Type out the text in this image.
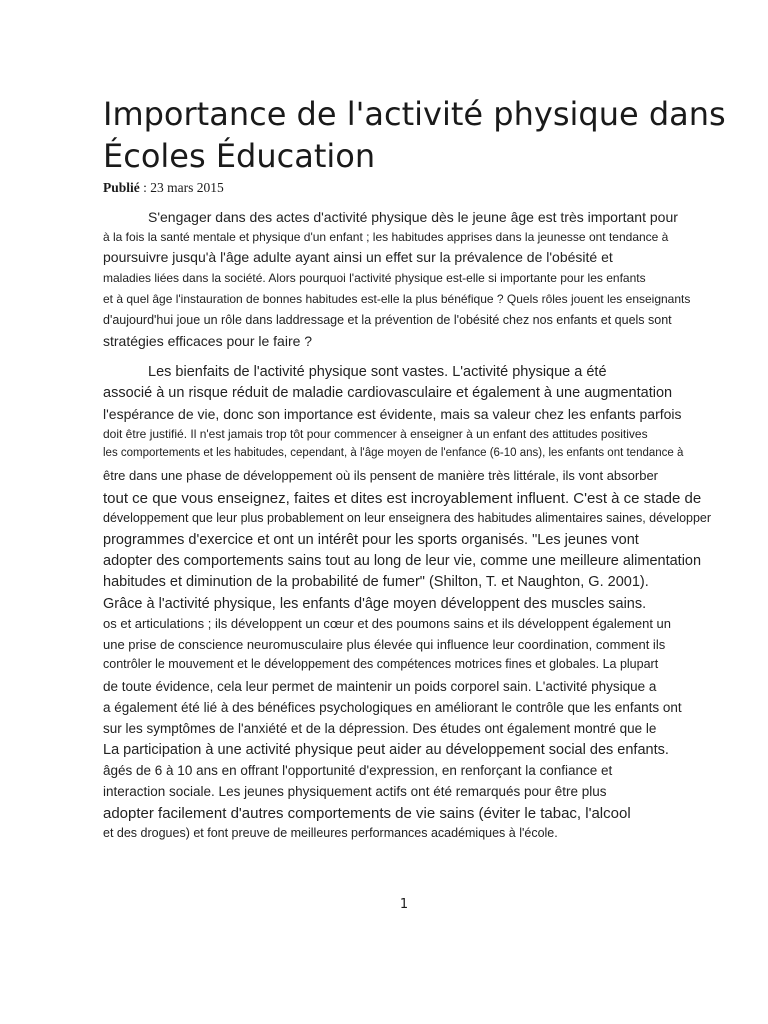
Importance de l'activité physique dans
Écoles Éducation
Publié : 23 mars 2015
S'engager dans des actes d'activité physique dès le jeune âge est très important pour
à la fois la santé mentale et physique d'un enfant ; les habitudes apprises dans la jeunesse ont tendance à
poursuivre jusqu'à l'âge adulte ayant ainsi un effet sur la prévalence de l'obésité et
maladies liées dans la société. Alors pourquoi l'activité physique est-elle si importante pour les enfants
et à quel âge l'instauration de bonnes habitudes est-elle la plus bénéfique ? Quels rôles jouent les enseignants
d'aujourd'hui joue un rôle dans laddressage et la prévention de l'obésité chez nos enfants et quels sont
stratégies efficaces pour le faire ?
Les bienfaits de l'activité physique sont vastes. L'activité physique a été
associé à un risque réduit de maladie cardiovasculaire et également à une augmentation
l'espérance de vie, donc son importance est évidente, mais sa valeur chez les enfants parfois
doit être justifié. Il n'est jamais trop tôt pour commencer à enseigner à un enfant des attitudes positives
les comportements et les habitudes, cependant, à l'âge moyen de l'enfance (6-10 ans), les enfants ont tendance à
être dans une phase de développement où ils pensent de manière très littérale, ils vont absorber
tout ce que vous enseignez, faites et dites est incroyablement influent. C'est à ce stade de
développement que leur plus probablement on leur enseignera des habitudes alimentaires saines, développer
programmes d'exercice et ont un intérêt pour les sports organisés. "Les jeunes vont
adopter des comportements sains tout au long de leur vie, comme une meilleure alimentation
habitudes et diminution de la probabilité de fumer" (Shilton, T. et Naughton, G. 2001).
Grâce à l'activité physique, les enfants d'âge moyen développent des muscles sains.
os et articulations ; ils développent un cœur et des poumons sains et ils développent également un
une prise de conscience neuromusculaire plus élevée qui influence leur coordination, comment ils
contrôler le mouvement et le développement des compétences motrices fines et globales. La plupart
de toute évidence, cela leur permet de maintenir un poids corporel sain. L'activité physique a
a également été lié à des bénéfices psychologiques en améliorant le contrôle que les enfants ont
sur les symptômes de l'anxiété et de la dépression. Des études ont également montré que le
La participation à une activité physique peut aider au développement social des enfants.
âgés de 6 à 10 ans en offrant l'opportunité d'expression, en renforçant la confiance et
interaction sociale. Les jeunes physiquement actifs ont été remarqués pour être plus
adopter facilement d'autres comportements de vie sains (éviter le tabac, l'alcool
et des drogues) et font preuve de meilleures performances académiques à l'école.
1
